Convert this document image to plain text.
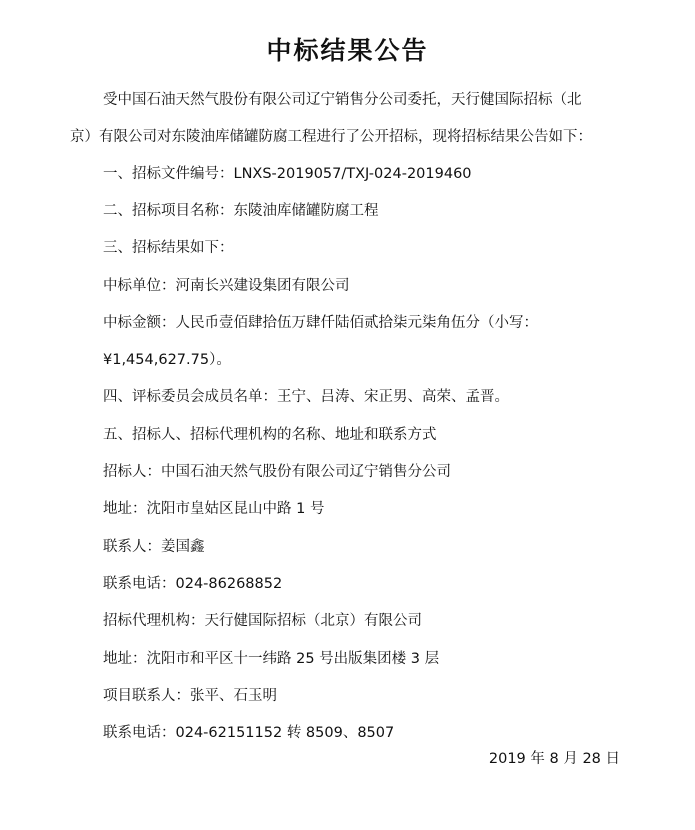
中标结果公告
受中国石油天然气股份有限公司辽宁销售分公司委托，天行健国际招标（北
京）有限公司对东陵油库储罐防腐工程进行了公开招标，现将招标结果公告如下：
一、招标文件编号：LNXS-2019057/TXJ-024-2019460
二、招标项目名称：东陵油库储罐防腐工程
三、招标结果如下：
中标单位：河南长兴建设集团有限公司
中标金额：人民币壹佰肆拾伍万肆仟陆佰贰拾柒元柒角伍分（小写：
¥1,454,627.75）。
四、评标委员会成员名单：王宁、吕涛、宋正男、高荣、孟晋。
五、招标人、招标代理机构的名称、地址和联系方式
招标人：中国石油天然气股份有限公司辽宁销售分公司
地址：沈阳市皇姑区昆山中路 1 号
联系人：姜国鑫
联系电话：024-86268852
招标代理机构：天行健国际招标（北京）有限公司
地址：沈阳市和平区十一纬路 25 号出版集团楼 3 层
项目联系人：张平、石玉明
联系电话：024-62151152 转 8509、8507
2019 年 8 月 28 日
